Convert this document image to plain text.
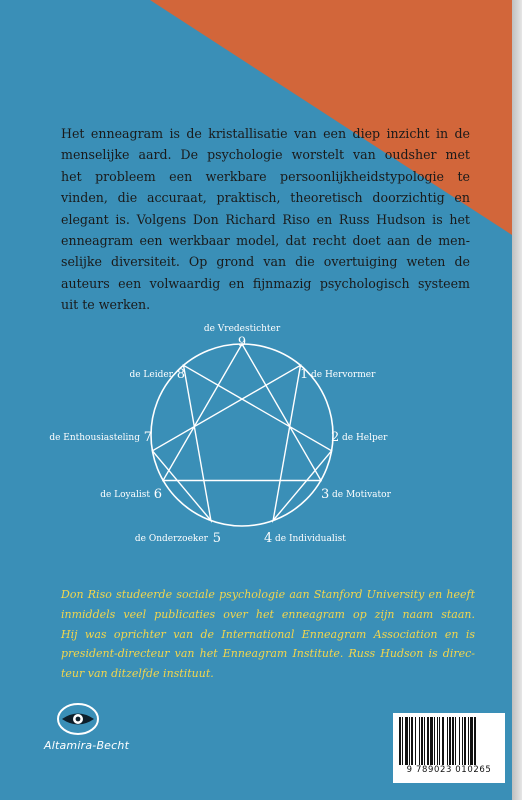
Het enneagram is de kristallisatie van een diep inzicht in de
menselijke aard. De psychologie worstelt van oudsher met
het probleem een werkbare persoonlijkheidstypologie te
vinden, die accuraat, praktisch, theoretisch doorzichtig en
elegant is. Volgens Don Richard Riso en Russ Hudson is het
enneagram een werkbaar model, dat recht doet aan de men-
selijke diversiteit. Op grond van die overtuiging weten de
auteurs een volwaardig en fijnmazig psychologisch systeem
uit te werken.
de Vredestichter
9
1 de Hervormer
2 de Helper
3 de Motivator
4 de Individualist
5
de Onderzoeker
6
de Loyalist
7
de Enthousiasteling
8
de Leider
Don Riso studeerde sociale psychologie aan Stanford University en heeft
inmiddels veel publicaties over het enneagram op zijn naam staan.
Hij was oprichter van de International Enneagram Association en is
president-directeur van het Enneagram Institute. Russ Hudson is direc-
teur van ditzelfde instituut.
Altamira-Becht
9 789023 010265
